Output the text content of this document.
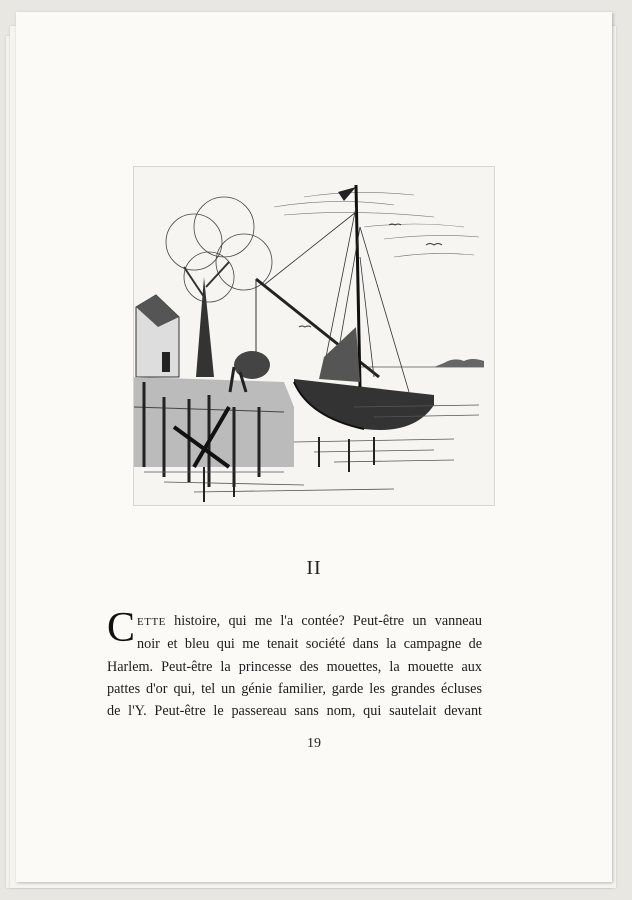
II
C ETTE histoire, qui me l'a contée? Peut-être un vanneau
noir et bleu qui me tenait société dans la campagne de
Harlem. Peut-être la princesse des mouettes, la mouette aux
pattes d'or qui, tel un génie familier, garde les grandes écluses
de l'Y. Peut-être le passereau sans nom, qui sautelait devant
19
